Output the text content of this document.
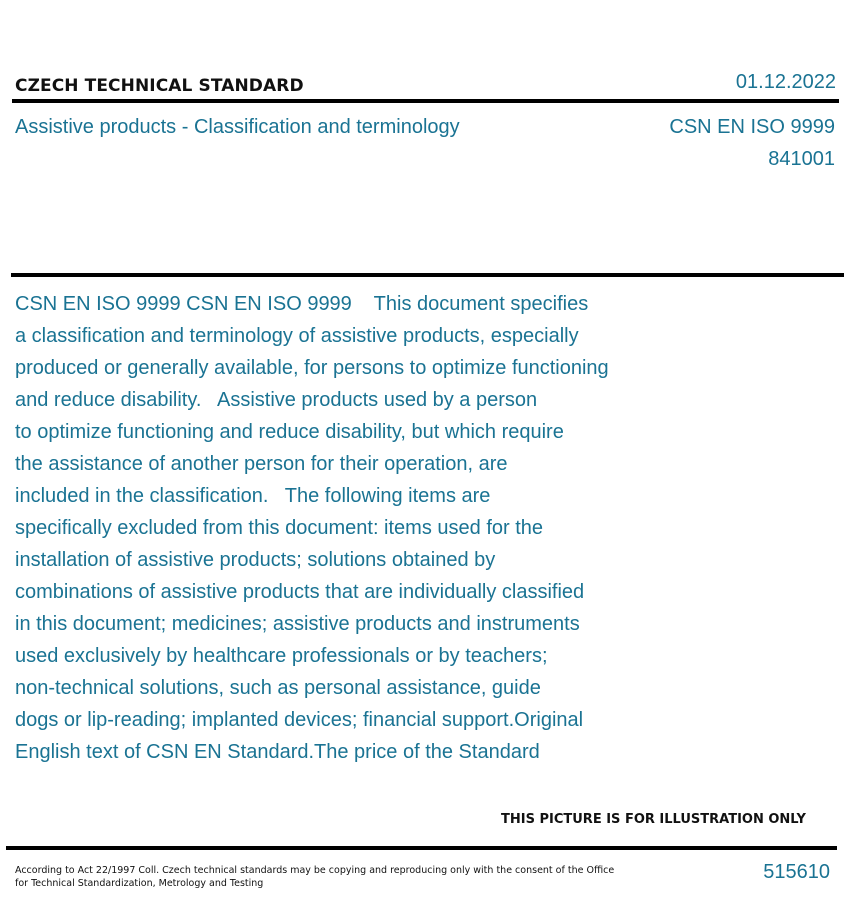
CZECH TECHNICAL STANDARD	01.12.2022
Assistive products - Classification and terminology	CSN EN ISO 9999
841001
CSN EN ISO 9999 CSN EN ISO 9999    This document specifies
a classification and terminology of assistive products, especially
produced or generally available, for persons to optimize functioning
and reduce disability.   Assistive products used by a person
to optimize functioning and reduce disability, but which require
the assistance of another person for their operation, are
included in the classification.   The following items are
specifically excluded from this document: items used for the
installation of assistive products; solutions obtained by
combinations of assistive products that are individually classified
in this document; medicines; assistive products and instruments
used exclusively by healthcare professionals or by teachers;
non-technical solutions, such as personal assistance, guide
dogs or lip-reading; implanted devices; financial support.Original
English text of CSN EN Standard.The price of the Standard
THIS PICTURE IS FOR ILLUSTRATION ONLY
According to Act 22/1997 Coll. Czech technical standards may be copying and reproducing only with the consent of the Office
for Technical Standardization, Metrology and Testing
515610
